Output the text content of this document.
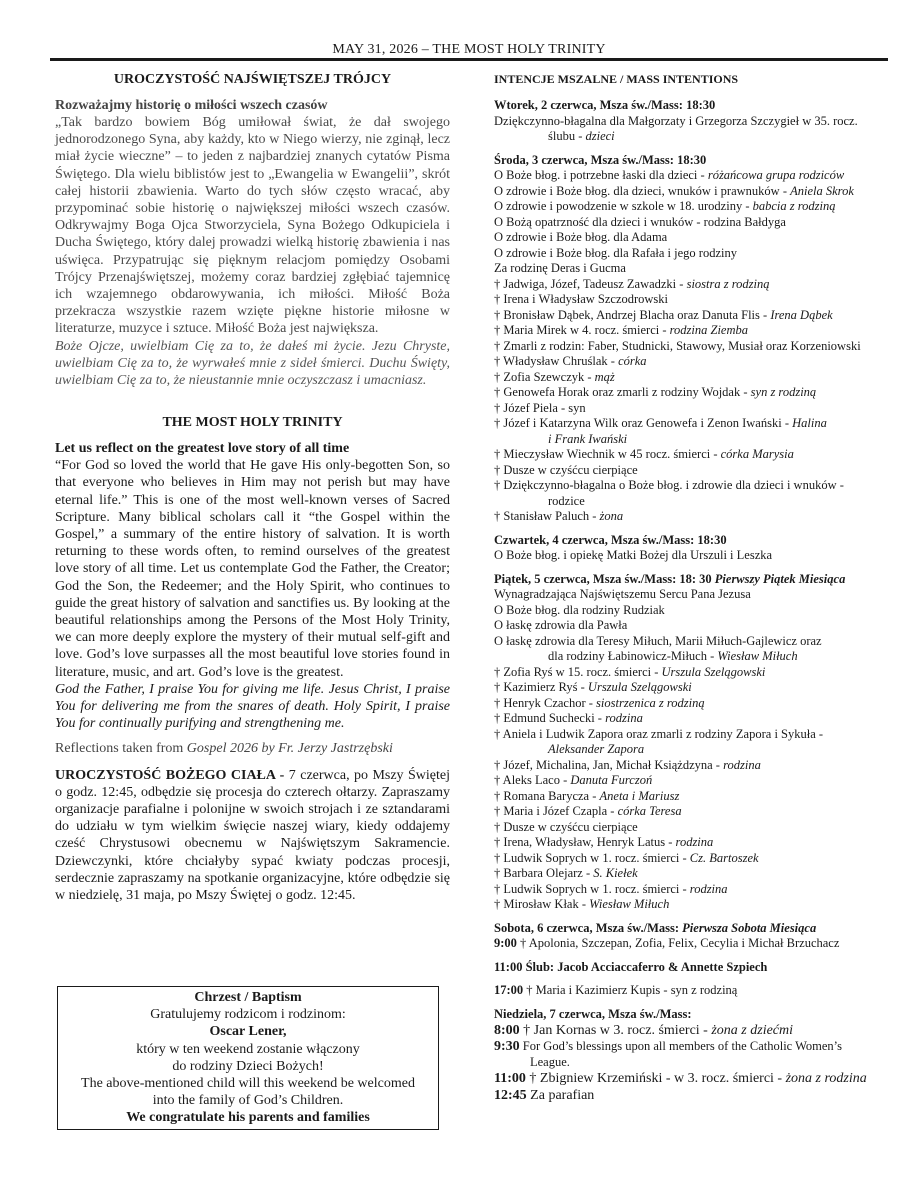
MAY 31, 2026 – THE MOST HOLY TRINITY
UROCZYSTOŚĆ NAJŚWIĘTSZEJ TRÓJCY
Rozważajmy historię o miłości wszech czasów
„Tak bardzo bowiem Bóg umiłował świat, że dał swojego jednorodzonego Syna, aby każdy, kto w Niego wierzy, nie zginął, lecz miał życie wieczne” – to jeden z najbardziej znanych cytatów Pisma Świętego. Dla wielu biblistów jest to „Ewangelia w Ewangelii”, skrót całej historii zbawienia. Warto do tych słów często wracać, aby przypominać sobie historię o największej miłości wszech czasów. Odkrywajmy Boga Ojca Stworzyciela, Syna Bożego Odkupiciela i Ducha Świętego, który dalej prowadzi wielką historię zbawienia i nas uświęca. Przypatrując się pięknym relacjom pomiędzy Osobami Trójcy Przenajświętszej, możemy coraz bardziej zgłębiać tajemnicę ich wzajemnego obdarowywania, ich miłości. Miłość Boża przekracza wszystkie razem wzięte piękne historie miłosne w literaturze, muzyce i sztuce. Miłość Boża jest największa.
Boże Ojcze, uwielbiam Cię za to, że dałeś mi życie. Jezu Chryste, uwielbiam Cię za to, że wyrwałeś mnie z sideł śmierci. Duchu Święty, uwielbiam Cię za to, że nieustannie mnie oczyszczasz i umacniasz.
THE MOST HOLY TRINITY
Let us reflect on the greatest love story of all time
“For God so loved the world that He gave His only-begotten Son, so that everyone who believes in Him may not perish but may have eternal life.” This is one of the most well-known verses of Sacred Scripture. Many biblical scholars call it “the Gospel within the Gospel,” a summary of the entire history of salvation. It is worth returning to these words often, to remind ourselves of the greatest love story of all time. Let us contemplate God the Father, the Creator; God the Son, the Redeemer; and the Holy Spirit, who continues to guide the great history of salvation and sanctifies us. By looking at the beautiful relationships among the Persons of the Most Holy Trinity, we can more deeply explore the mystery of their mutual self-gift and love. God’s love surpasses all the most beautiful love stories found in literature, music, and art. God’s love is the greatest.
God the Father, I praise You for giving me life. Jesus Christ, I praise You for delivering me from the snares of death. Holy Spirit, I praise You for continually purifying and strengthening me.
Reflections taken from Gospel 2026 by Fr. Jerzy Jastrzębski
UROCZYSTOŚĆ BOŻEGO CIAŁA - 7 czerwca, po Mszy Świętej o godz. 12:45, odbędzie się procesja do czterech ołtarzy. Zapraszamy organizacje parafialne i polonijne w swoich strojach i ze sztandarami do udziału w tym wielkim święcie naszej wiary, kiedy oddajemy cześć Chrystusowi obecnemu w Najświętszym Sakramencie. Dziewczynki, które chciałyby sypać kwiaty podczas procesji, serdecznie zapraszamy na spotkanie organizacyjne, które odbędzie się w niedzielę, 31 maja, po Mszy Świętej o godz. 12:45.
Chrzest / Baptism
Gratulujemy rodzicom i rodzinom:
Oscar Lener,
który w ten weekend zostanie włączony
do rodziny Dzieci Bożych!
The above-mentioned child will this weekend be welcomed
into the family of God’s Children.
We congratulate his parents and families
INTENCJE MSZALNE / MASS INTENTIONS
Wtorek, 2 czerwca, Msza św./Mass: 18:30
Dziękczynno-błagalna dla Małgorzaty i Grzegorza Szczygieł w 35. rocz.
ślubu - dzieci
Środa, 3 czerwca, Msza św./Mass: 18:30
O Boże błog. i potrzebne łaski dla dzieci - różańcowa grupa rodziców
O zdrowie i Boże błog. dla dzieci, wnuków i prawnuków - Aniela Skrok
O zdrowie i powodzenie w szkole w 18. urodziny - babcia z rodziną
O Bożą opatrzność dla dzieci i wnuków - rodzina Bałdyga
O zdrowie i Boże błog. dla Adama
O zdrowie i Boże błog. dla Rafała i jego rodziny
Za rodzinę Deras i Gucma
† Jadwiga, Józef, Tadeusz Zawadzki - siostra z rodziną
† Irena i Władysław Szczodrowski
† Bronisław Dąbek, Andrzej Blacha oraz Danuta Flis - Irena Dąbek
† Maria Mirek w 4. rocz. śmierci - rodzina Ziemba
† Zmarli z rodzin: Faber, Studnicki, Stawowy, Musiał oraz Korzeniowski
† Władysław Chruślak - córka
† Zofia Szewczyk - mąż
† Genowefa Horak oraz zmarli z rodziny Wojdak - syn z rodziną
† Józef Piela - syn
† Józef i Katarzyna Wilk oraz Genowefa i Zenon Iwański - Halina
i Frank Iwański
† Mieczysław Wiechnik w 45 rocz. śmierci - córka Marysia
† Dusze w czyśćcu cierpiące
† Dziękczynno-błagalna o Boże błog. i zdrowie dla dzieci i wnuków -
rodzice
† Stanisław Paluch - żona
Czwartek, 4 czerwca, Msza św./Mass: 18:30
O Boże błog. i opiekę Matki Bożej dla Urszuli i Leszka
Piątek, 5 czerwca, Msza św./Mass: 18: 30 Pierwszy Piątek Miesiąca
Wynagradzająca Najświętszemu Sercu Pana Jezusa
O Boże błog. dla rodziny Rudziak
O łaskę zdrowia dla Pawła
O łaskę zdrowia dla Teresy Miłuch, Marii Miłuch-Gajlewicz oraz
dla rodziny Łabinowicz-Miłuch - Wiesław Miłuch
† Zofia Ryś w 15. rocz. śmierci - Urszula Szelągowski
† Kazimierz Ryś - Urszula Szelągowski
† Henryk Czachor - siostrzenica z rodziną
† Edmund Suchecki - rodzina
† Aniela i Ludwik Zapora oraz zmarli z rodziny Zapora i Sykuła -
Aleksander Zapora
† Józef, Michalina, Jan, Michał Książdzyna - rodzina
† Aleks Laco - Danuta Furczoń
† Romana Barycza - Aneta i Mariusz
† Maria i Józef Czapla - córka Teresa
† Dusze w czyśćcu cierpiące
† Irena, Władysław, Henryk Latus - rodzina
† Ludwik Soprych w 1. rocz. śmierci - Cz. Bartoszek
† Barbara Olejarz - S. Kiełek
† Ludwik Soprych w 1. rocz. śmierci - rodzina
† Mirosław Kłak - Wiesław Miłuch
Sobota, 6 czerwca, Msza św./Mass: Pierwsza Sobota Miesiąca
9:00 † Apolonia, Szczepan, Zofia, Felix, Cecylia i Michał Brzuchacz
11:00 Ślub: Jacob Acciaccaferro & Annette Szpiech
17:00 † Maria i Kazimierz Kupis - syn z rodziną
Niedziela, 7 czerwca, Msza św./Mass:
8:00 † Jan Kornas w 3. rocz. śmierci - żona z dziećmi
9:30 For God’s blessings upon all members of the Catholic Women’s
League.
11:00 † Zbigniew Krzemiński - w 3. rocz. śmierci - żona z rodzina
12:45 Za parafian
